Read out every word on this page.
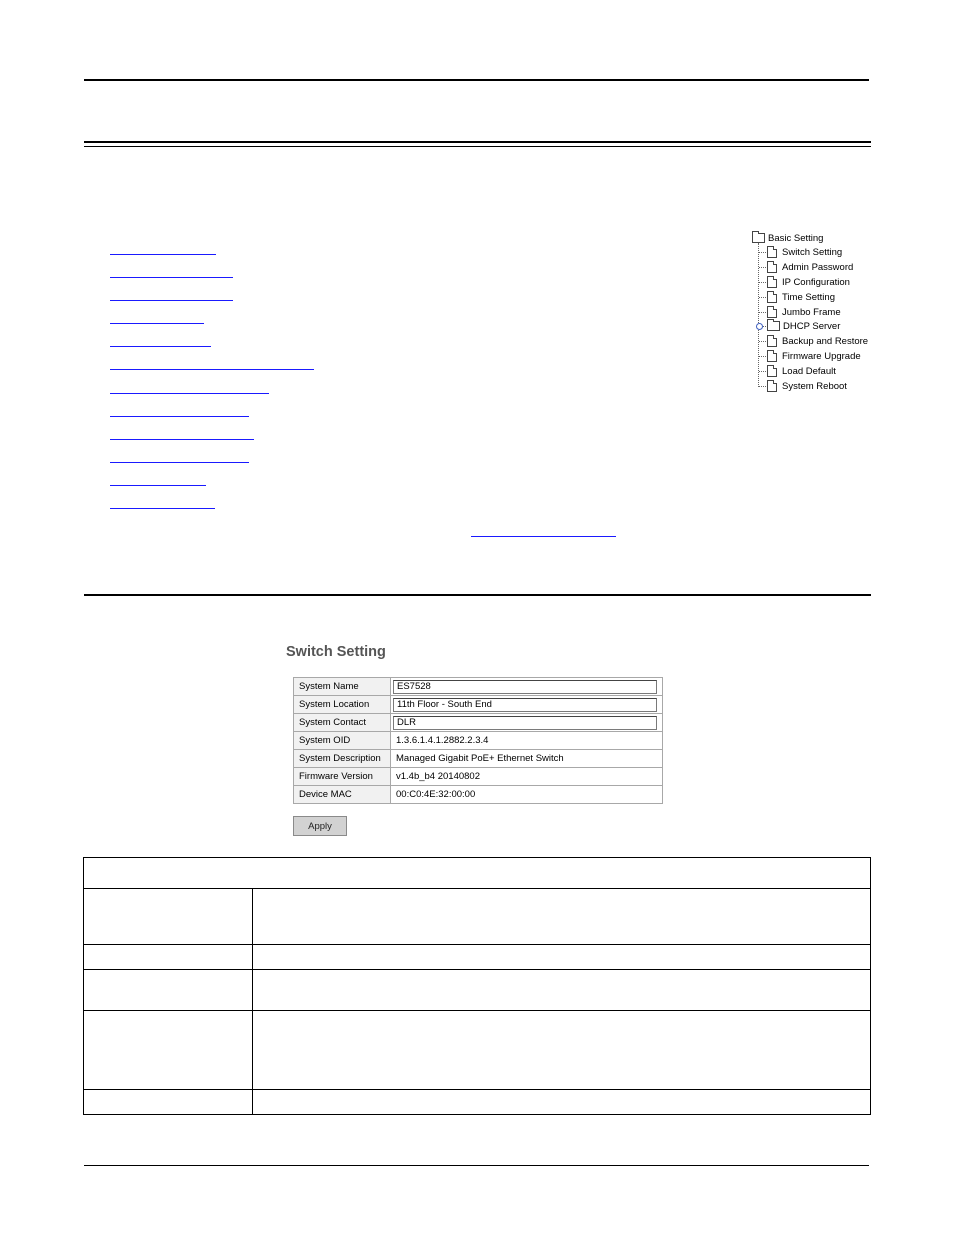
Basic Setting
Switch Setting
Admin Password
IP Configuration
Time Setting
Jumbo Frame
DHCP Server
Backup and Restore
Firmware Upgrade
Load Default
System Reboot
Switch Setting
System Name	ES7528

System Location	11th Floor - South End

System Contact	DLR

System OID	1.3.6.1.4.1.2882.2.3.4
System Description	Managed Gigabit PoE+ Ethernet Switch
Firmware Version	v1.4b_b4 20140802
Device MAC	00:C0:4E:32:00:00
Apply
